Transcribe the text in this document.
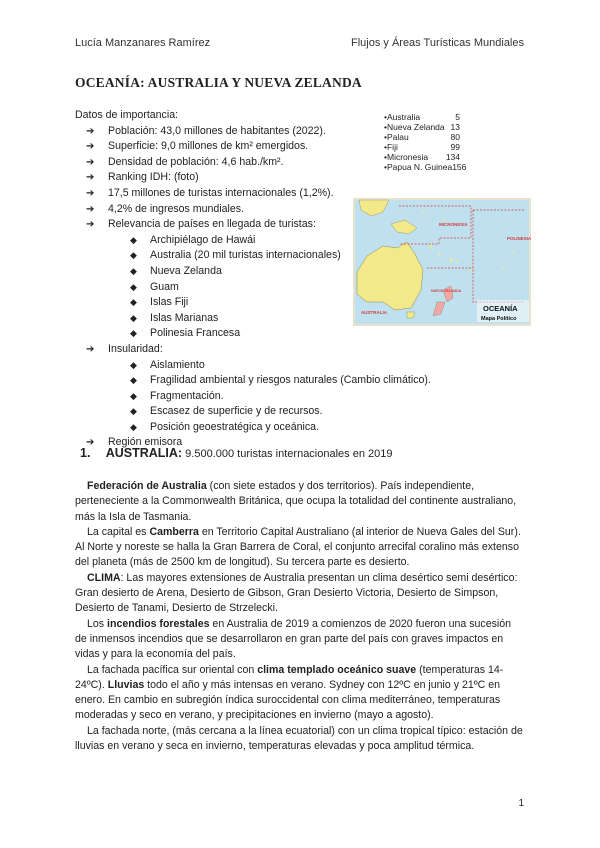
Lucía Manzanares Ramírez	Flujos y Áreas Turísticas Mundiales
OCEANÍA: AUSTRALIA Y NUEVA ZELANDA
Datos de importancia:
➔ Población: 43,0 millones de habitantes (2022).
➔ Superficie: 9,0 millones de km² emergidos.
➔ Densidad de población: 4,6 hab./km².
➔ Ranking IDH: (foto)
➔ 17,5 millones de turistas internacionales (1,2%).
➔ 4,2% de ingresos mundiales.
➔ Relevancia de países en llegada de turistas:
◆ Archipiélago de Hawái
◆ Australia (20 mil turistas internacionales)
◆ Nueva Zelanda
◆ Guam
◆ Islas Fiji
◆ Islas Marianas
◆ Polinesia Francesa
➔ Insularidad:
◆ Aislamiento
◆ Fragilidad ambiental y riesgos naturales (Cambio climático).
◆ Fragmentación.
◆ Escasez de superficie y de recursos.
◆ Posición geoestratégica y oceánica.
➔ Región emisora
• Australia	5
• Nueva Zelanda 13
• Palau	80
• Fiji	99
• Micronesia 134
• Papua N. Guinea 156
MICRONESIA
POLINESIA
AUSTRALIA
NUEVA ZELANDA
OCEANÍA
Mapa Político
1. AUSTRALIA: 9.500.000 turistas internacionales en 2019

Federación de Australia (con siete estados y dos territorios). País independiente, perteneciente a la Commonwealth Británica, que ocupa la totalidad del continente australiano, más la Isla de Tasmania.

La capital es Camberra en Territorio Capital Australiano (al interior de Nueva Gales del Sur). Al Norte y noreste se halla la Gran Barrera de Coral, el conjunto arrecifal coralino más extenso del planeta (más de 2500 km de longitud). Su tercera parte es desierto.

CLIMA: Las mayores extensiones de Australia presentan un clima desértico semi desértico: Gran desierto de Arena, Desierto de Gibson, Gran Desierto Victoria, Desierto de Simpson, Desierto de Tanami, Desierto de Strzelecki.

Los incendios forestales en Australia de 2019 a comienzos de 2020 fueron una sucesión de inmensos incendios que se desarrollaron en gran parte del país con graves impactos en vidas y para la economía del país.

La fachada pacífica sur oriental con clima templado oceánico suave (temperaturas 14-24ºC). Lluvias todo el año y más intensas en verano. Sydney con 12ºC en junio y 21ºC en enero. En cambio en subregión índica suroccidental con clima mediterráneo, temperaturas moderadas y seco en verano, y precipitaciones en invierno (mayo a agosto).

La fachada norte, (más cercana a la línea ecuatorial) con un clima tropical típico: estación de lluvias en verano y seca en invierno, temperaturas elevadas y poca amplitud térmica.

1
